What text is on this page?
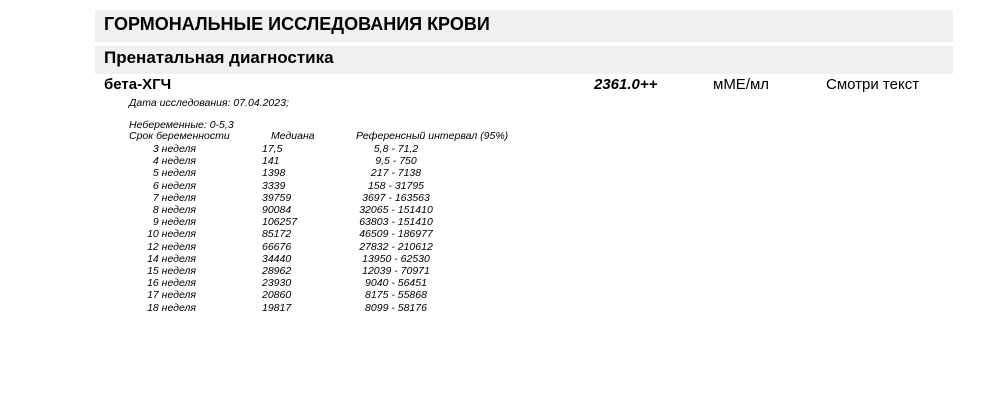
ГОРМОНАЛЬНЫЕ ИССЛЕДОВАНИЯ КРОВИ
Пренатальная диагностика
бета-ХГЧ	2361.0++	мМЕ/мл	Смотри текст
Дата исследования: 07.04.2023;
Небеременные: 0-5,3
Срок беременности	Медиана	Референсный интервал (95%)
3 неделя	17,5	5,8 - 71,2
4 неделя	141	9,5 - 750
5 неделя	1398	217 - 7138
6 неделя	3339	158 - 31795
7 неделя	39759	3697 - 163563
8 неделя	90084	32065 - 151410
9 неделя	106257	63803 - 151410
10 неделя	85172	46509 - 186977
12 неделя	66676	27832 - 210612
14 неделя	34440	13950 - 62530
15 неделя	28962	12039 - 70971
16 неделя	23930	9040 - 56451
17 неделя	20860	8175 - 55868
18 неделя	19817	8099 - 58176
